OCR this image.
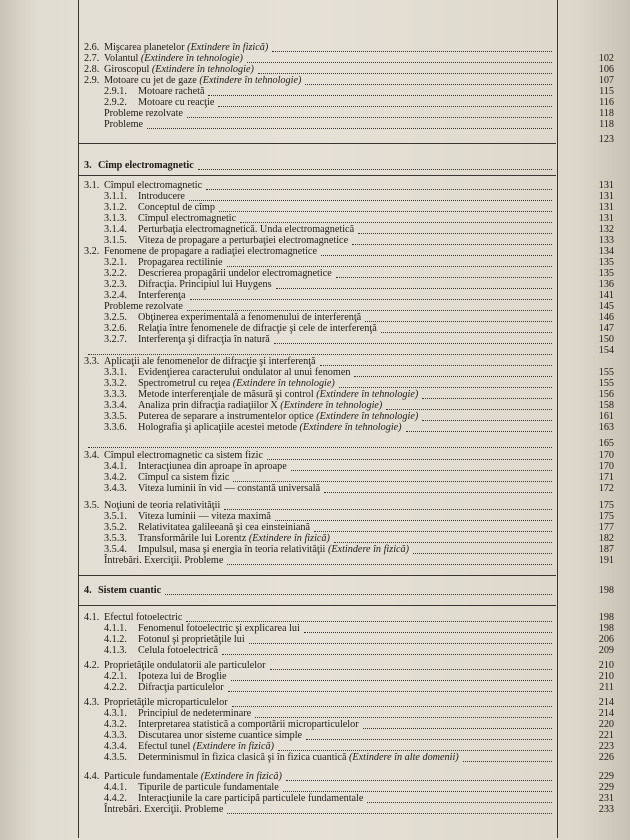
2.6. Mişcarea planetelor (Extindere în fizică)
2.7. Volantul (Extindere în tehnologie)	102
2.8. Giroscopul (Extindere în tehnologie)	106
2.9. Motoare cu jet de gaze (Extindere în tehnologie)	107
2.9.1. Motoare rachetă	115
2.9.2. Motoare cu reacţie	116
Probleme rezolvate	118
Probleme	118
123
3. Cîmp electromagnetic
3.1. Cîmpul electromagnetic	131
3.1.1. Introducere	131
3.1.2. Conceptul de cîmp	131
3.1.3. Cîmpul electromagnetic	131
3.1.4. Perturbaţia electromagnetică. Unda electromagnetică	132
3.1.5. Viteza de propagare a perturbaţiei electromagnetice	133
3.2. Fenomene de propagare a radiaţiei electromagnetice	134
3.2.1. Propagarea rectilinie	135
3.2.2. Descrierea propagării undelor electromagnetice	135
3.2.3. Difracţia. Principiul lui Huygens	136
3.2.4. Interferenţa	141
Probleme rezolvate	145
3.2.5. Obţinerea experimentală a fenomenului de interferenţă	146
3.2.6. Relaţia între fenomenele de difracţie şi cele de interferenţă	147
3.2.7. Interferenţa şi difracţia în natură	150
154
3.3. Aplicaţii ale fenomenelor de difracţie şi interferenţă
3.3.1. Evidenţierea caracterului ondulator al unui fenomen	155
3.3.2. Spectrometrul cu reţea (Extindere în tehnologie)	155
3.3.3. Metode interferenţiale de măsură şi control (Extindere în tehnologie)	156
3.3.4. Analiza prin difracţia radiaţiilor X (Extindere în tehnologie)	158
3.3.5. Puterea de separare a instrumentelor optice (Extindere în tehnologie)	161
3.3.6. Holografia şi aplicaţiile acestei metode (Extindere în tehnologie)	163
165
3.4. Cîmpul electromagnetic ca sistem fizic	170
3.4.1. Interacţiunea din aproape în aproape	170
3.4.2. Cîmpul ca sistem fizic	171
3.4.3. Viteza luminii în vid — constantă universală	172
3.5. Noţiuni de teoria relativităţii	175
3.5.1. Viteza luminii — viteza maximă	175
3.5.2. Relativitatea galileeană şi cea einsteiniană	177
3.5.3. Transformările lui Lorentz (Extindere în fizică)	182
3.5.4. Impulsul, masa şi energia în teoria relativităţii (Extindere în fizică)	187
Întrebări. Exerciţii. Probleme	191
4. Sistem cuantic	198
4.1. Efectul fotoelectric	198
4.1.1. Fenomenul fotoelectric şi explicarea lui	198
4.1.2. Fotonul şi proprietăţile lui	206
4.1.3. Celula fotoelectrică	209
4.2. Proprietăţile ondulatorii ale particulelor	210
4.2.1. Ipoteza lui de Broglie	210
4.2.2. Difracţia particulelor	211
4.3. Proprietăţile microparticulelor	214
4.3.1. Principiul de nedeterminare	214
4.3.2. Interpretarea statistică a comportării microparticulelor	220
4.3.3. Discutarea unor sisteme cuantice simple	221
4.3.4. Efectul tunel (Extindere în fizică)	223
4.3.5. Determinismul în fizica clasică şi în fizica cuantică (Extindere în alte domenii)	226
4.4. Particule fundamentale (Extindere în fizică)	229
4.4.1. Tipurile de particule fundamentale	229
4.4.2. Interacţiunile la care participă particulele fundamentale	231
Întrebări. Exerciţii. Probleme	233
